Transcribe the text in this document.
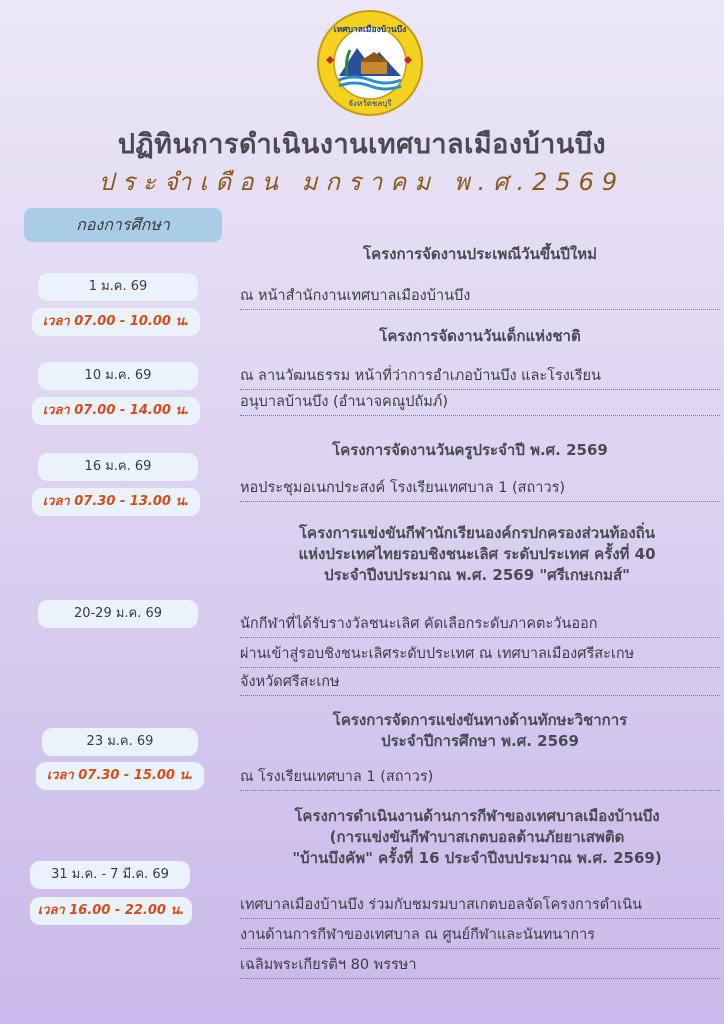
เทศบาลเมืองบ้านบึง
จังหวัดชลบุรี
ปฏิทินการดำเนินงานเทศบาลเมืองบ้านบึง
ประจำเดือน มกราคม พ.ศ.2569
กองการศึกษา
โครงการจัดงานประเพณีวันขึ้นปีใหม่
1 ม.ค. 69
เวลา 07.00 - 10.00 น.
ณ หน้าสำนักงานเทศบาลเมืองบ้านบึง
โครงการจัดงานวันเด็กแห่งชาติ
10 ม.ค. 69
เวลา 07.00 - 14.00 น.
ณ ลานวัฒนธรรม หน้าที่ว่าการอำเภอบ้านบึง และโรงเรียน
อนุบาลบ้านบึง (อำนาจคณูปถัมภ์)
โครงการจัดงานวันครูประจำปี พ.ศ. 2569
16 ม.ค. 69
เวลา 07.30 - 13.00 น.
หอประชุมอเนกประสงค์ โรงเรียนเทศบาล 1 (สถาวร)
โครงการแข่งขันกีฬานักเรียนองค์กรปกครองส่วนท้องถิ่น
แห่งประเทศไทยรอบชิงชนะเลิศ ระดับประเทศ ครั้งที่ 40
ประจำปีงบประมาณ พ.ศ. 2569 "ศรีเกษเกมส์"
20-29 ม.ค. 69
นักกีฬาที่ได้รับรางวัลชนะเลิศ คัดเลือกระดับภาคตะวันออก
ผ่านเข้าสู่รอบชิงชนะเลิศระดับประเทศ ณ เทศบาลเมืองศรีสะเกษ
จังหวัดศรีสะเกษ
โครงการจัดการแข่งขันทางด้านทักษะวิชาการ
ประจำปีการศึกษา พ.ศ. 2569
23 ม.ค. 69
เวลา 07.30 - 15.00 น.	ณ โรงเรียนเทศบาล 1 (สถาวร)
โครงการดำเนินงานด้านการกีฬาของเทศบาลเมืองบ้านบึง
(การแข่งขันกีฬาบาสเกตบอลต้านภัยยาเสพติด
"บ้านบึงคัพ" ครั้งที่ 16 ประจำปีงบประมาณ พ.ศ. 2569)
31 ม.ค. - 7 มี.ค. 69
เวลา 16.00 - 22.00 น.	เทศบาลเมืองบ้านบึง ร่วมกับชมรมบาสเกตบอลจัดโครงการดำเนิน
งานด้านการกีฬาของเทศบาล ณ ศูนย์กีฬาและนันทนาการ
เฉลิมพระเกียรติฯ 80 พรรษา
